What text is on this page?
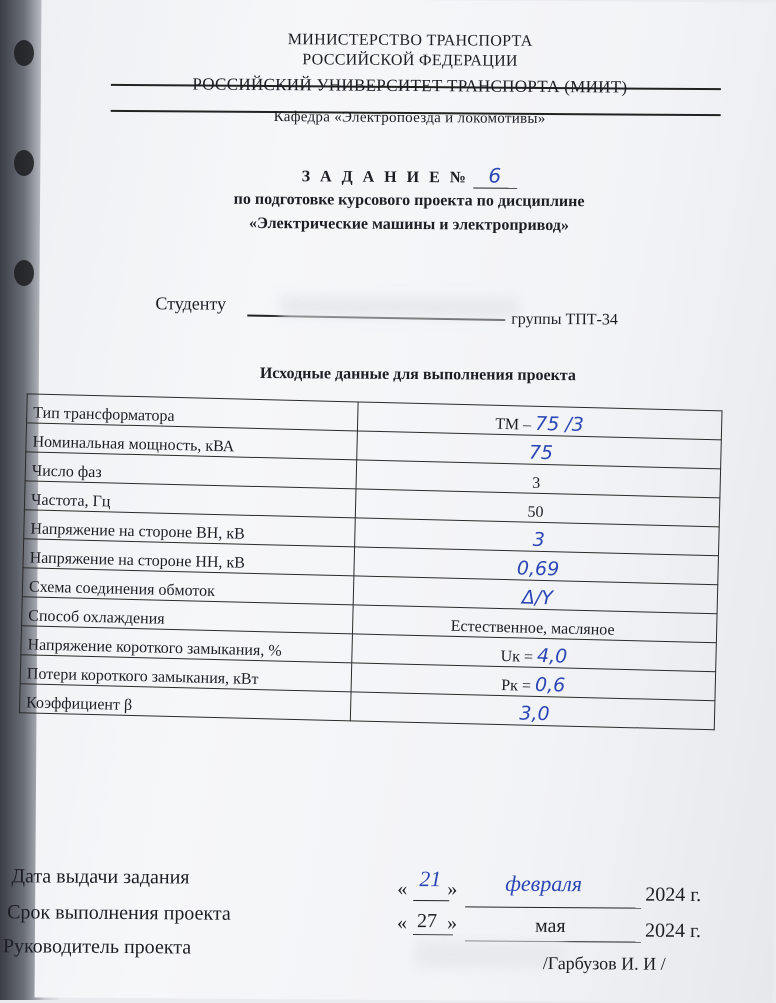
МИНИСТЕРСТВО ТРАНСПОРТА
РОССИЙСКОЙ ФЕДЕРАЦИИ
РОССИЙСКИЙ УНИВЕРСИТЕТ ТРАНСПОРТА (МИИТ)
Кафедра «Электропоезда и локомотивы»
З А Д А Н И Е № 6
по подготовке курсового проекта по дисциплине
«Электрические машины и электропривод»
Студенту
группы ТПТ-34
Исходные данные для выполнения проекта
Тип трансформатора	ТМ – 75 /3
Номинальная мощность, кВА	75
Число фаз	3
Частота, Гц	50
Напряжение на стороне ВН, кВ	3
Напряжение на стороне НН, кВ	0,69
Схема соединения обмоток	Δ/Y
Способ охлаждения	Естественное, масляное
Напряжение короткого замыкания, %	Uк = 4,0
Потери короткого замыкания, кВт	Pк = 0,6
Коэффициент β	3,0
Дата выдачи задания
« 21 » февраля	2024 г.
Срок выполнения проекта	« 27 »	мая	2024 г.
Руководитель проекта
/Гарбузов И. И /
